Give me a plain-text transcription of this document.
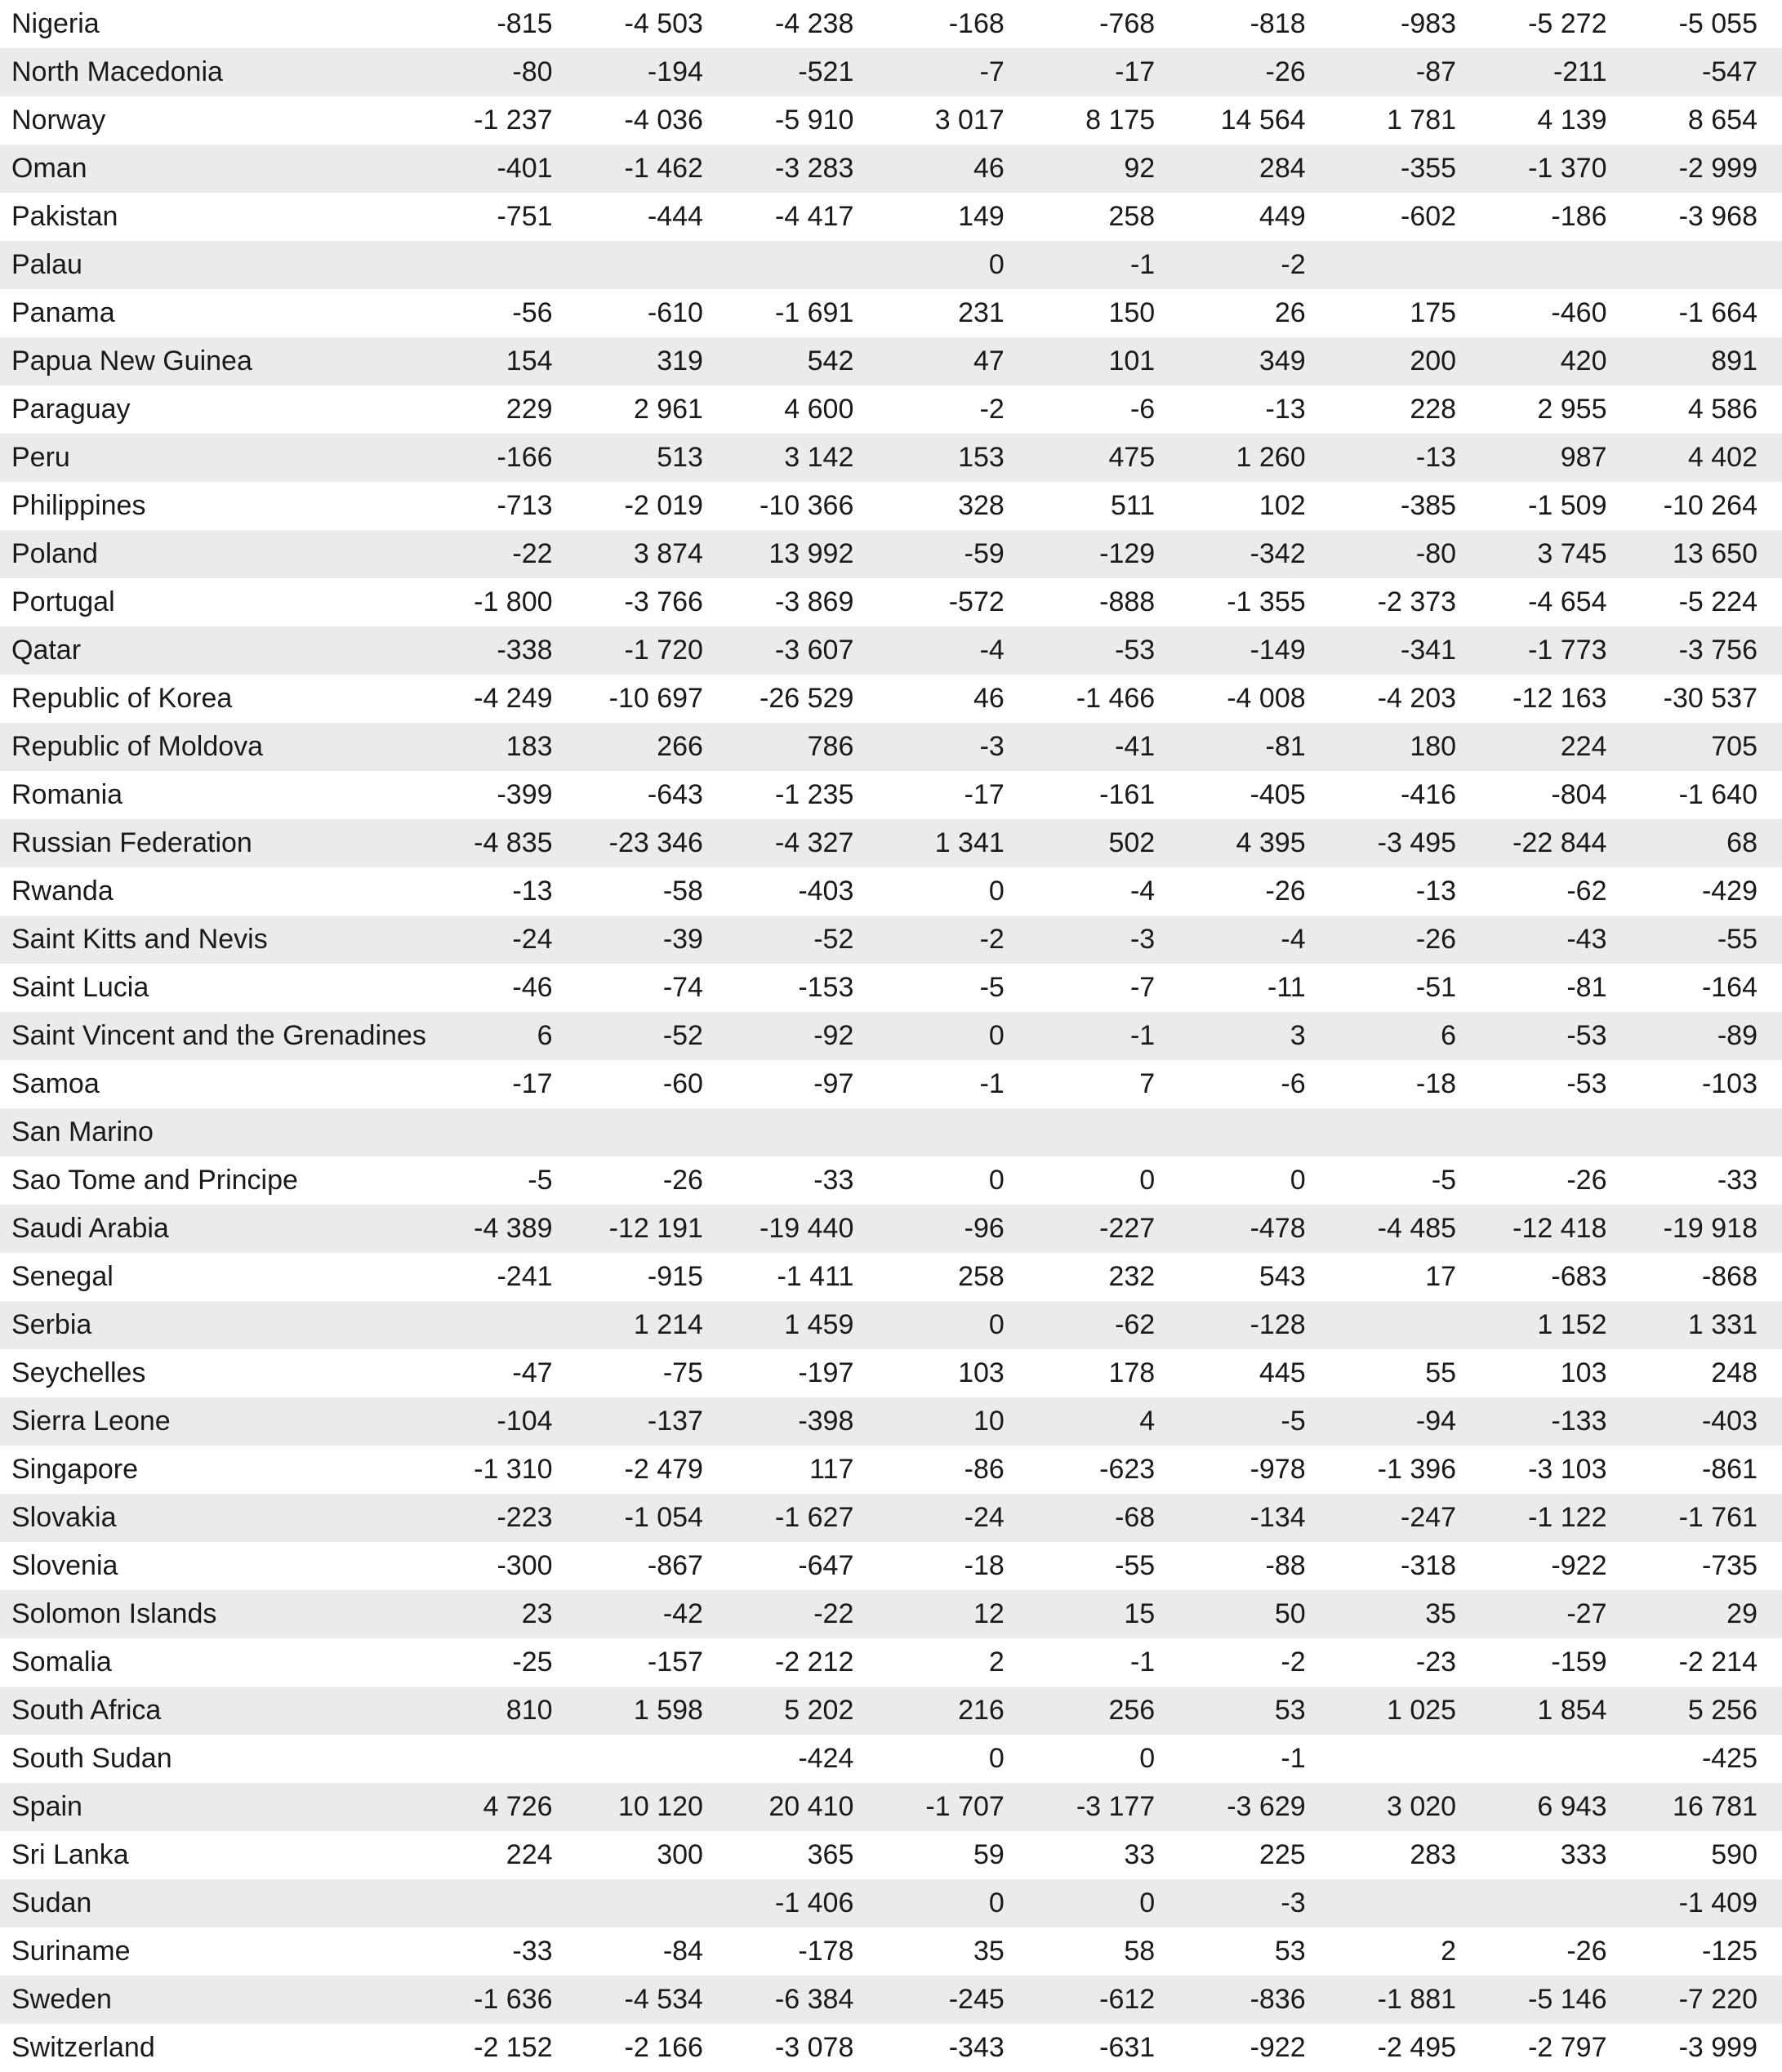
Nigeria	-815	-4 503	-4 238	-168	-768	-818	-983	-5 272	-5 055
North Macedonia	-80	-194	-521	-7	-17	-26	-87	-211	-547
Norway	-1 237	-4 036	-5 910	3 017	8 175	14 564	1 781	4 139	8 654
Oman	-401	-1 462	-3 283	46	92	284	-355	-1 370	-2 999
Pakistan	-751	-444	-4 417	149	258	449	-602	-186	-3 968
Palau				0	-1	-2			
Panama	-56	-610	-1 691	231	150	26	175	-460	-1 664
Papua New Guinea	154	319	542	47	101	349	200	420	891
Paraguay	229	2 961	4 600	-2	-6	-13	228	2 955	4 586
Peru	-166	513	3 142	153	475	1 260	-13	987	4 402
Philippines	-713	-2 019	-10 366	328	511	102	-385	-1 509	-10 264
Poland	-22	3 874	13 992	-59	-129	-342	-80	3 745	13 650
Portugal	-1 800	-3 766	-3 869	-572	-888	-1 355	-2 373	-4 654	-5 224
Qatar	-338	-1 720	-3 607	-4	-53	-149	-341	-1 773	-3 756
Republic of Korea	-4 249	-10 697	-26 529	46	-1 466	-4 008	-4 203	-12 163	-30 537
Republic of Moldova	183	266	786	-3	-41	-81	180	224	705
Romania	-399	-643	-1 235	-17	-161	-405	-416	-804	-1 640
Russian Federation	-4 835	-23 346	-4 327	1 341	502	4 395	-3 495	-22 844	68
Rwanda	-13	-58	-403	0	-4	-26	-13	-62	-429
Saint Kitts and Nevis	-24	-39	-52	-2	-3	-4	-26	-43	-55
Saint Lucia	-46	-74	-153	-5	-7	-11	-51	-81	-164
Saint Vincent and the Grenadines	6	-52	-92	0	-1	3	6	-53	-89
Samoa	-17	-60	-97	-1	7	-6	-18	-53	-103
San Marino									
Sao Tome and Principe	-5	-26	-33	0	0	0	-5	-26	-33
Saudi Arabia	-4 389	-12 191	-19 440	-96	-227	-478	-4 485	-12 418	-19 918
Senegal	-241	-915	-1 411	258	232	543	17	-683	-868
Serbia		1 214	1 459	0	-62	-128		1 152	1 331
Seychelles	-47	-75	-197	103	178	445	55	103	248
Sierra Leone	-104	-137	-398	10	4	-5	-94	-133	-403
Singapore	-1 310	-2 479	117	-86	-623	-978	-1 396	-3 103	-861
Slovakia	-223	-1 054	-1 627	-24	-68	-134	-247	-1 122	-1 761
Slovenia	-300	-867	-647	-18	-55	-88	-318	-922	-735
Solomon Islands	23	-42	-22	12	15	50	35	-27	29
Somalia	-25	-157	-2 212	2	-1	-2	-23	-159	-2 214
South Africa	810	1 598	5 202	216	256	53	1 025	1 854	5 256
South Sudan			-424	0	0	-1			-425
Spain	4 726	10 120	20 410	-1 707	-3 177	-3 629	3 020	6 943	16 781
Sri Lanka	224	300	365	59	33	225	283	333	590
Sudan			-1 406	0	0	-3			-1 409
Suriname	-33	-84	-178	35	58	53	2	-26	-125
Sweden	-1 636	-4 534	-6 384	-245	-612	-836	-1 881	-5 146	-7 220
Switzerland	-2 152	-2 166	-3 078	-343	-631	-922	-2 495	-2 797	-3 999
